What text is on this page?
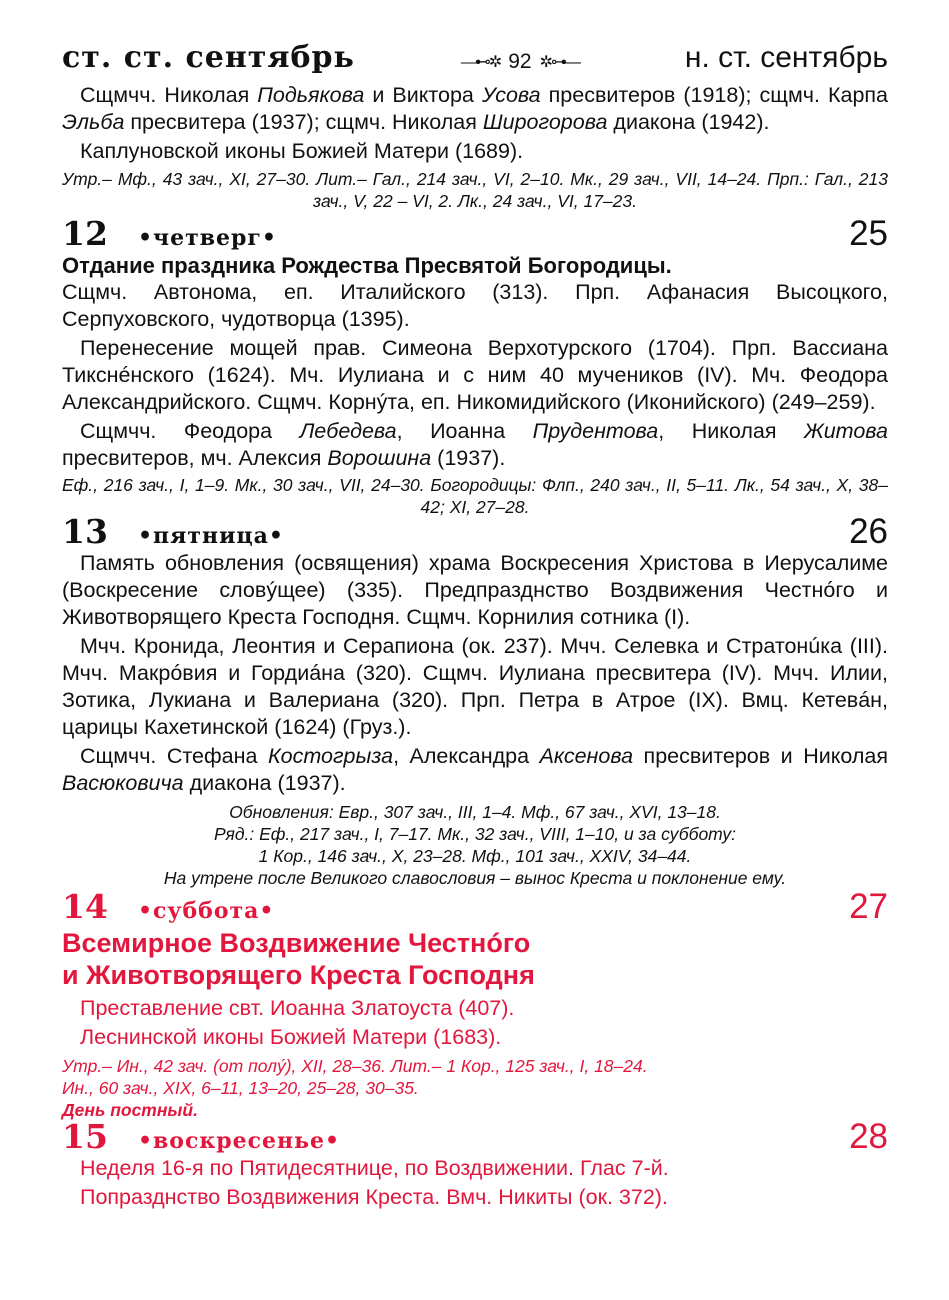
ст. ст. сентябрь	—⊷✲ 92 ✲⊶—	н. ст. сентябрь

Сщмчч. Николая Подьякова и Виктора Усова пресвитеров (1918); сщмч. Карпа Эльба пресвитера (1937); сщмч. Николая Широгорова диакона (1942).

Каплуновской иконы Божией Матери (1689).

Утр.– Мф., 43 зач., XI, 27–30. Лит.– Гал., 214 зач., VI, 2–10. Мк., 29 зач., VII, 14–24. Прп.: Гал., 213 зач., V, 22 – VI, 2. Лк., 24 зач., VI, 17–23.

12 •четверг•	25

Отдание праздника Рождества Пресвятой Богородицы.

Сщмч. Автонома, еп. Италийского (313). Прп. Афанасия Высоцкого, Серпуховского, чудотворца (1395).

Перенесение мощей прав. Симеона Верхотурского (1704). Прп. Вассиана Тикснéнского (1624). Мч. Иулиана и с ним 40 мучеников (IV). Мч. Феодора Александрийского. Сщмч. Корнýта, еп. Никомидийского (Иконийского) (249–259).

Сщмчч. Феодора Лебедева, Иоанна Прудентова, Николая Житова пресвитеров, мч. Алексия Ворошина (1937).

Еф., 216 зач., I, 1–9. Мк., 30 зач., VII, 24–30. Богородицы: Флп., 240 зач., II, 5–11. Лк., 54 зач., X, 38–42; XI, 27–28.

13 •пятница•	26

Память обновления (освящения) храма Воскресения Христова в Иерусалиме (Воскресение словýщее) (335). Предпразднство Воздвижения Честнóго и Животворящего Креста Господня. Сщмч. Корнилия сотника (I).

Мчч. Кронида, Леонтия и Серапиона (ок. 237). Мчч. Селевка и Стратонúка (III). Мчч. Макрóвия и Гордиáна (320). Сщмч. Иулиана пресвитера (IV). Мчч. Илии, Зотика, Лукиана и Валериана (320). Прп. Петра в Атрое (IX). Вмц. Кетевáн, царицы Кахетинской (1624) (Груз.).

Сщмчч. Стефана Костогрыза, Александра Аксенова пресвитеров и Николая Васюковича диакона (1937).

Обновления: Евр., 307 зач., III, 1–4. Мф., 67 зач., XVI, 13–18.

Ряд.: Еф., 217 зач., I, 7–17. Мк., 32 зач., VIII, 1–10, и за субботу:

1 Кор., 146 зач., X, 23–28. Мф., 101 зач., XXIV, 34–44.

На утрене после Великого славословия – вынос Креста и поклонение ему.

14 •суббота•	27

Всемирное Воздвижение Честнóго
и Животворящего Креста Господня

Преставление свт. Иоанна Златоуста (407).

Леснинской иконы Божией Матери (1683).

Утр.– Ин., 42 зач. (от полý), XII, 28–36. Лит.– 1 Кор., 125 зач., I, 18–24.

Ин., 60 зач., XIX, 6–11, 13–20, 25–28, 30–35.

День постный.

15 •воскресенье•	28

Неделя 16-я по Пятидесятнице, по Воздвижении. Глас 7-й.

Попразднство Воздвижения Креста. Вмч. Никиты (ок. 372).
